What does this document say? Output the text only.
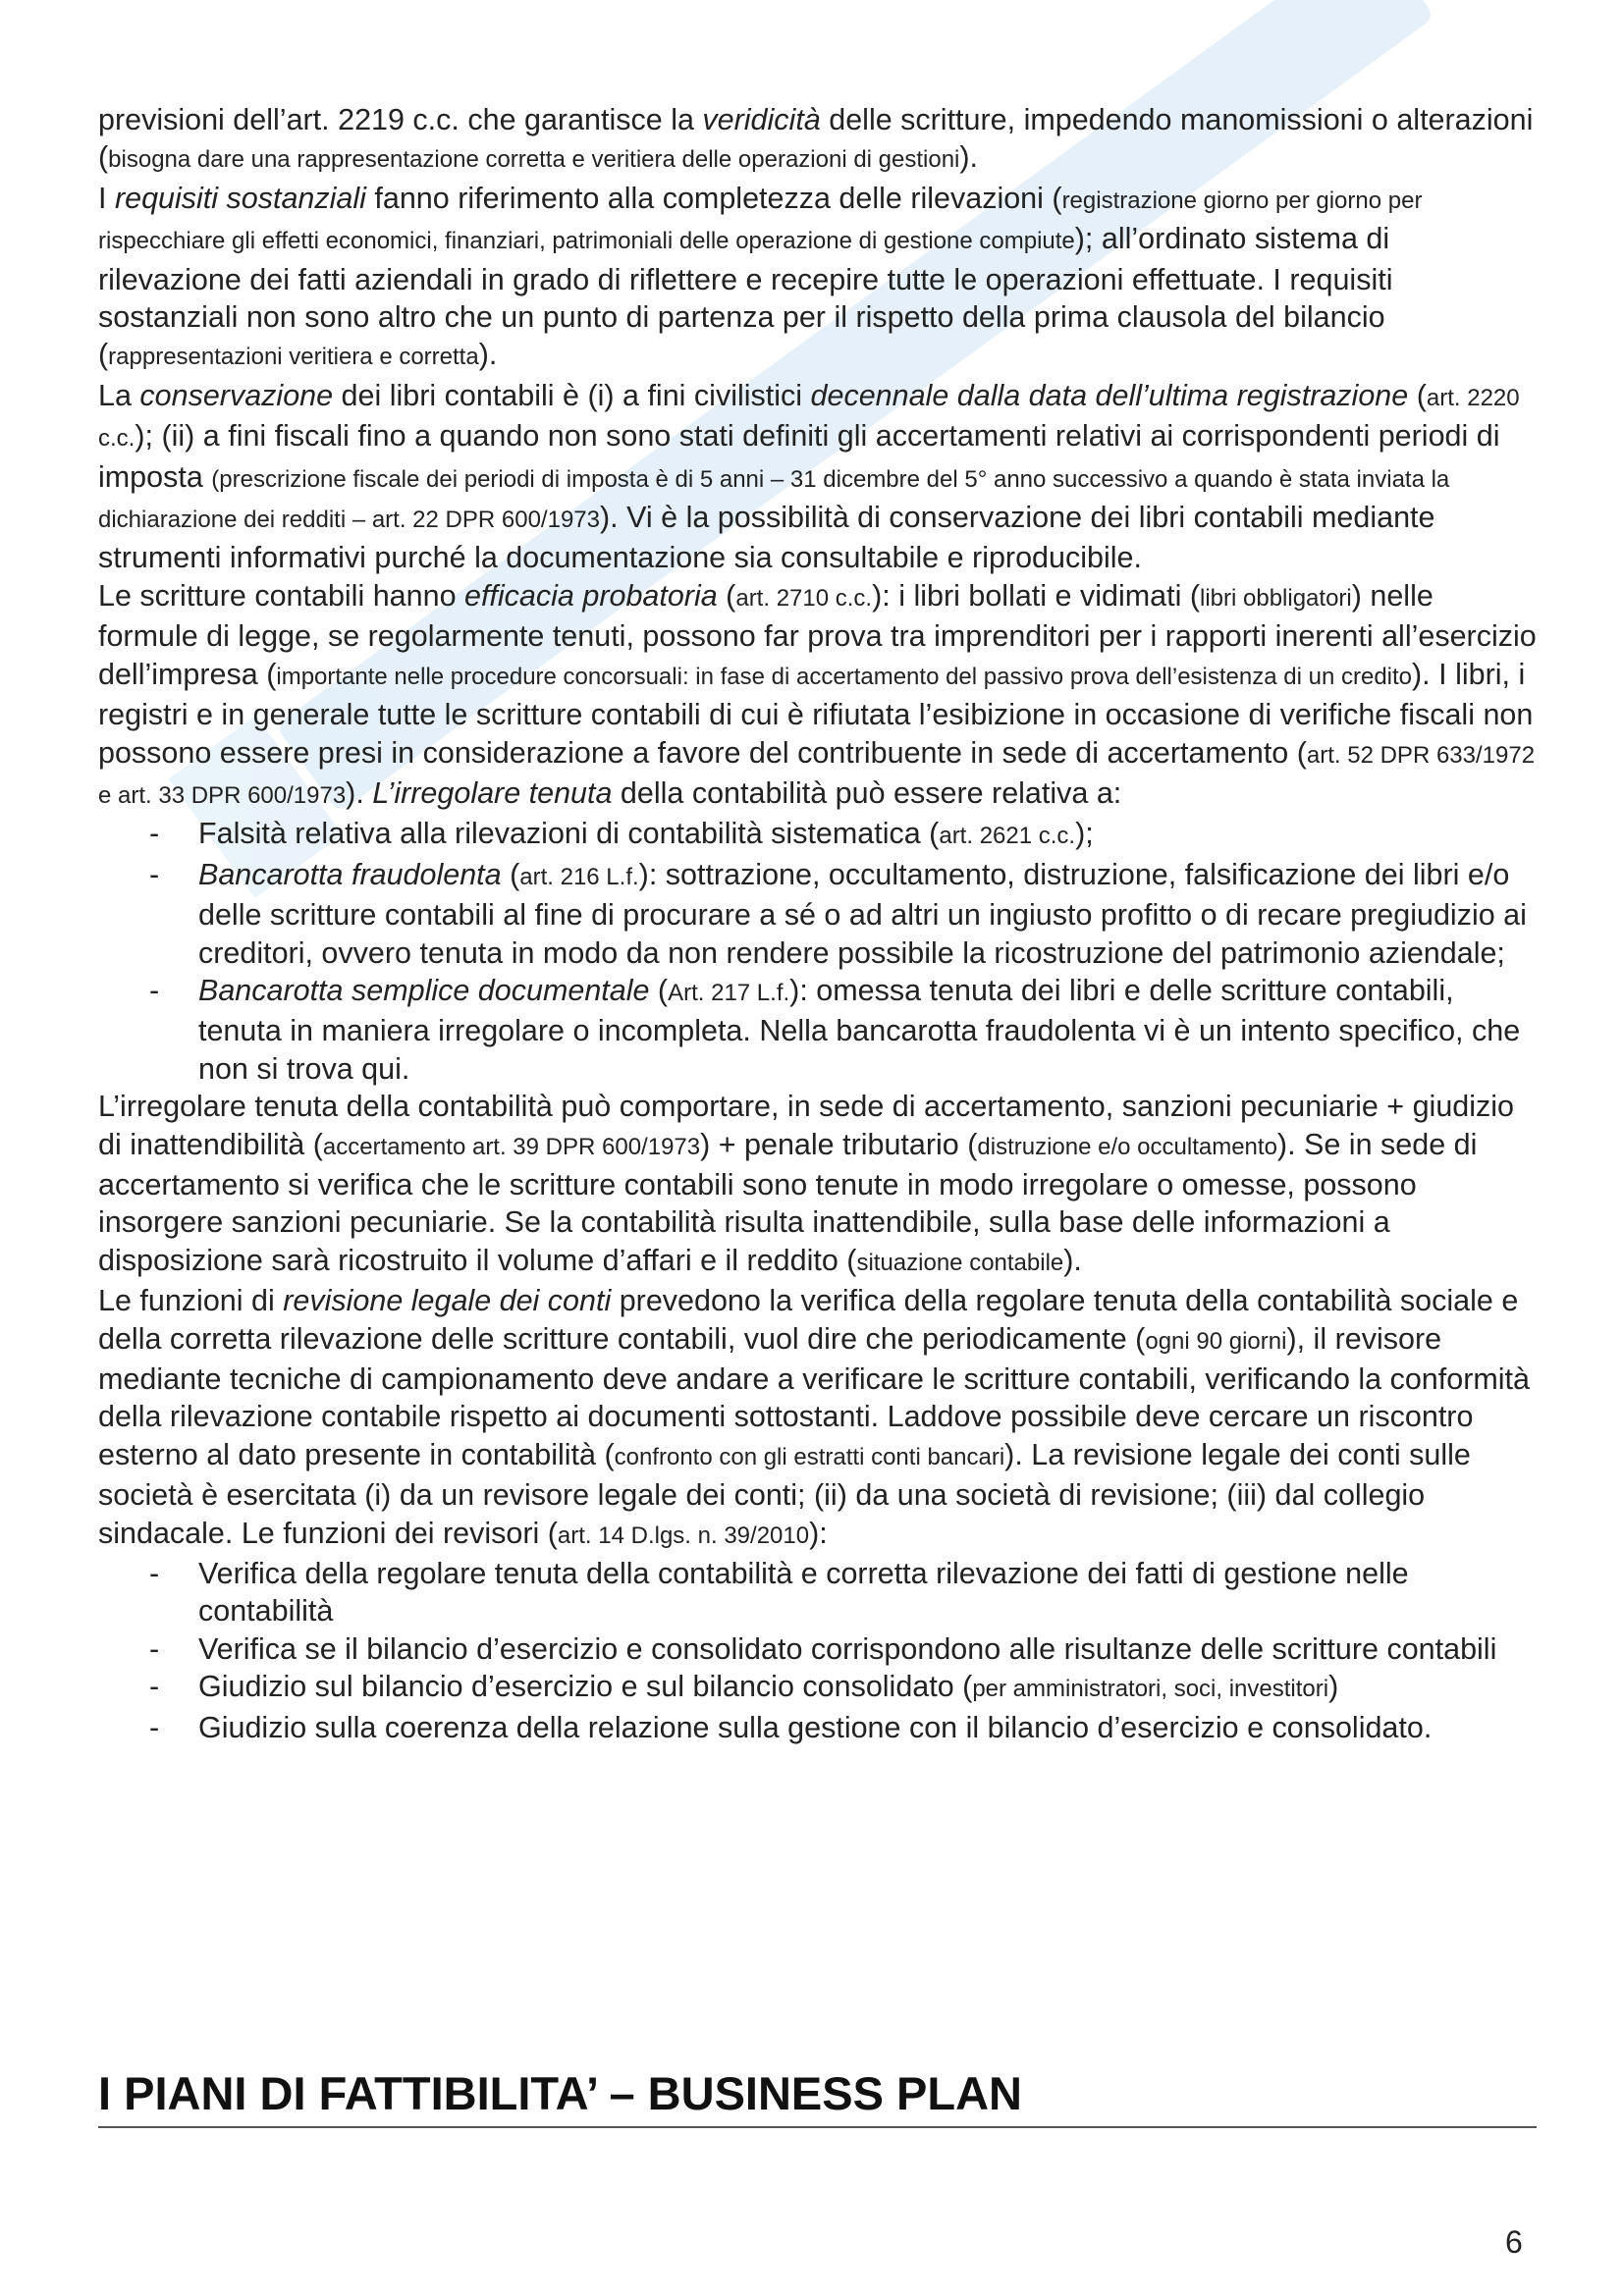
previsioni dell’art. 2219 c.c. che garantisce la veridicità delle scritture, impedendo manomissioni o alterazioni (bisogna dare una rappresentazione corretta e veritiera delle operazioni di gestioni).

I requisiti sostanziali fanno riferimento alla completezza delle rilevazioni (registrazione giorno per giorno per rispecchiare gli effetti economici, finanziari, patrimoniali delle operazione di gestione compiute); all’ordinato sistema di rilevazione dei fatti aziendali in grado di riflettere e recepire tutte le operazioni effettuate. I requisiti sostanziali non sono altro che un punto di partenza per il rispetto della prima clausola del bilancio (rappresentazioni veritiera e corretta).

La conservazione dei libri contabili è (i) a fini civilistici decennale dalla data dell’ultima registrazione (art. 2220 c.c.); (ii) a fini fiscali fino a quando non sono stati definiti gli accertamenti relativi ai corrispondenti periodi di imposta (prescrizione fiscale dei periodi di imposta è di 5 anni – 31 dicembre del 5° anno successivo a quando è stata inviata la dichiarazione dei redditi – art. 22 DPR 600/1973). Vi è la possibilità di conservazione dei libri contabili mediante strumenti informativi purché la documentazione sia consultabile e riproducibile.

Le scritture contabili hanno efficacia probatoria (art. 2710 c.c.): i libri bollati e vidimati (libri obbligatori) nelle formule di legge, se regolarmente tenuti, possono far prova tra imprenditori per i rapporti inerenti all’esercizio dell’impresa (importante nelle procedure concorsuali: in fase di accertamento del passivo prova dell’esistenza di un credito). I libri, i registri e in generale tutte le scritture contabili di cui è rifiutata l’esibizione in occasione di verifiche fiscali non possono essere presi in considerazione a favore del contribuente in sede di accertamento (art. 52 DPR 633/1972 e art. 33 DPR 600/1973). L’irregolare tenuta della contabilità può essere relativa a:

- Falsità relativa alla rilevazioni di contabilità sistematica (art. 2621 c.c.);
- Bancarotta fraudolenta (art. 216 L.f.): sottrazione, occultamento, distruzione, falsificazione dei libri e/o delle scritture contabili al fine di procurare a sé o ad altri un ingiusto profitto o di recare pregiudizio ai creditori, ovvero tenuta in modo da non rendere possibile la ricostruzione del patrimonio aziendale;
- Bancarotta semplice documentale (Art. 217 L.f.): omessa tenuta dei libri e delle scritture contabili, tenuta in maniera irregolare o incompleta. Nella bancarotta fraudolenta vi è un intento specifico, che non si trova qui.

L’irregolare tenuta della contabilità può comportare, in sede di accertamento, sanzioni pecuniarie + giudizio di inattendibilità (accertamento art. 39 DPR 600/1973) + penale tributario (distruzione e/o occultamento). Se in sede di accertamento si verifica che le scritture contabili sono tenute in modo irregolare o omesse, possono insorgere sanzioni pecuniarie. Se la contabilità risulta inattendibile, sulla base delle informazioni a disposizione sarà ricostruito il volume d’affari e il reddito (situazione contabile).

Le funzioni di revisione legale dei conti prevedono la verifica della regolare tenuta della contabilità sociale e della corretta rilevazione delle scritture contabili, vuol dire che periodicamente (ogni 90 giorni), il revisore mediante tecniche di campionamento deve andare a verificare le scritture contabili, verificando la conformità della rilevazione contabile rispetto ai documenti sottostanti. Laddove possibile deve cercare un riscontro esterno al dato presente in contabilità (confronto con gli estratti conti bancari). La revisione legale dei conti sulle società è esercitata (i) da un revisore legale dei conti; (ii) da una società di revisione; (iii) dal collegio sindacale. Le funzioni dei revisori (art. 14 D.lgs. n. 39/2010):

- Verifica della regolare tenuta della contabilità e corretta rilevazione dei fatti di gestione nelle contabilità
- Verifica se il bilancio d’esercizio e consolidato corrispondono alle risultanze delle scritture contabili
- Giudizio sul bilancio d’esercizio e sul bilancio consolidato (per amministratori, soci, investitori)
- Giudizio sulla coerenza della relazione sulla gestione con il bilancio d’esercizio e consolidato.
I PIANI DI FATTIBILITA’ – BUSINESS PLAN
6
